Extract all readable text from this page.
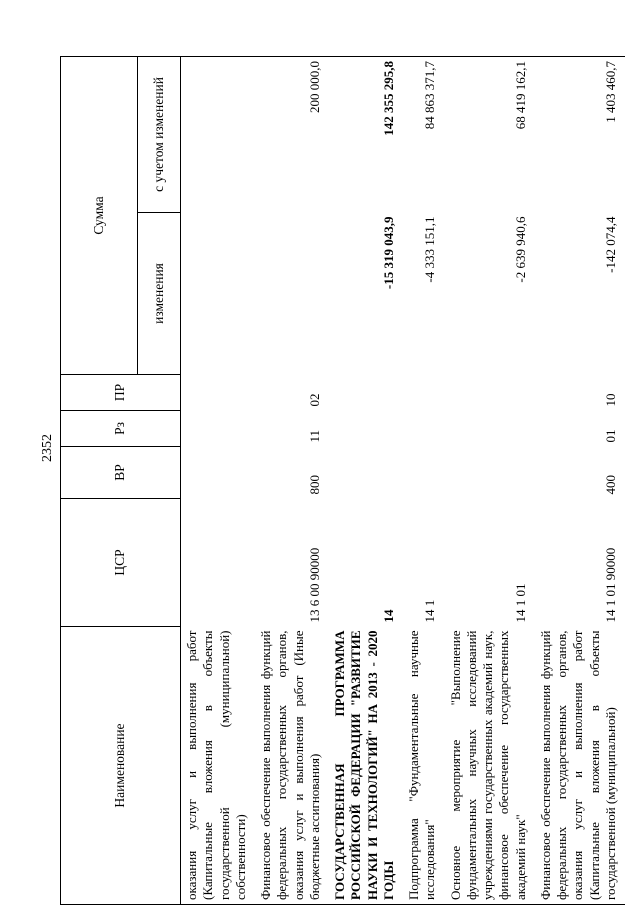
2352
Наименование	ЦСР	ВР	Рз	ПР	Сумма	
					изменения	с учетом изменений
оказания услуг и выполнения работ (Капитальные вложения в объекты государственной (муниципальной) собственности)						
Финансовое обеспечение выполнения функций федеральных государственных органов, оказания услуг и выполнения работ (Иные бюджетные ассигнования)	13 6 00 90000	800	11	02		200 000,0
ГОСУДАРСТВЕННАЯ ПРОГРАММА РОССИЙСКОЙ ФЕДЕРАЦИИ "РАЗВИТИЕ НАУКИ И ТЕХНОЛОГИЙ" НА 2013 - 2020 ГОДЫ	14				-15 319 043,9	142 355 295,8
Подпрограмма "Фундаментальные научные исследования"	14 1				-4 333 151,1	84 863 371,7
Основное мероприятие "Выполнение фундаментальных научных исследований учреждениями государственных академий наук, финансовое обеспечение государственных академий наук"	14 1 01				-2 639 940,6	68 419 162,1
Финансовое обеспечение выполнения функций федеральных государственных органов, оказания услуг и выполнения работ (Капитальные вложения в объекты государственной (муниципальной)	14 1 01 90000	400	01	10	-142 074,4	1 403 460,7
